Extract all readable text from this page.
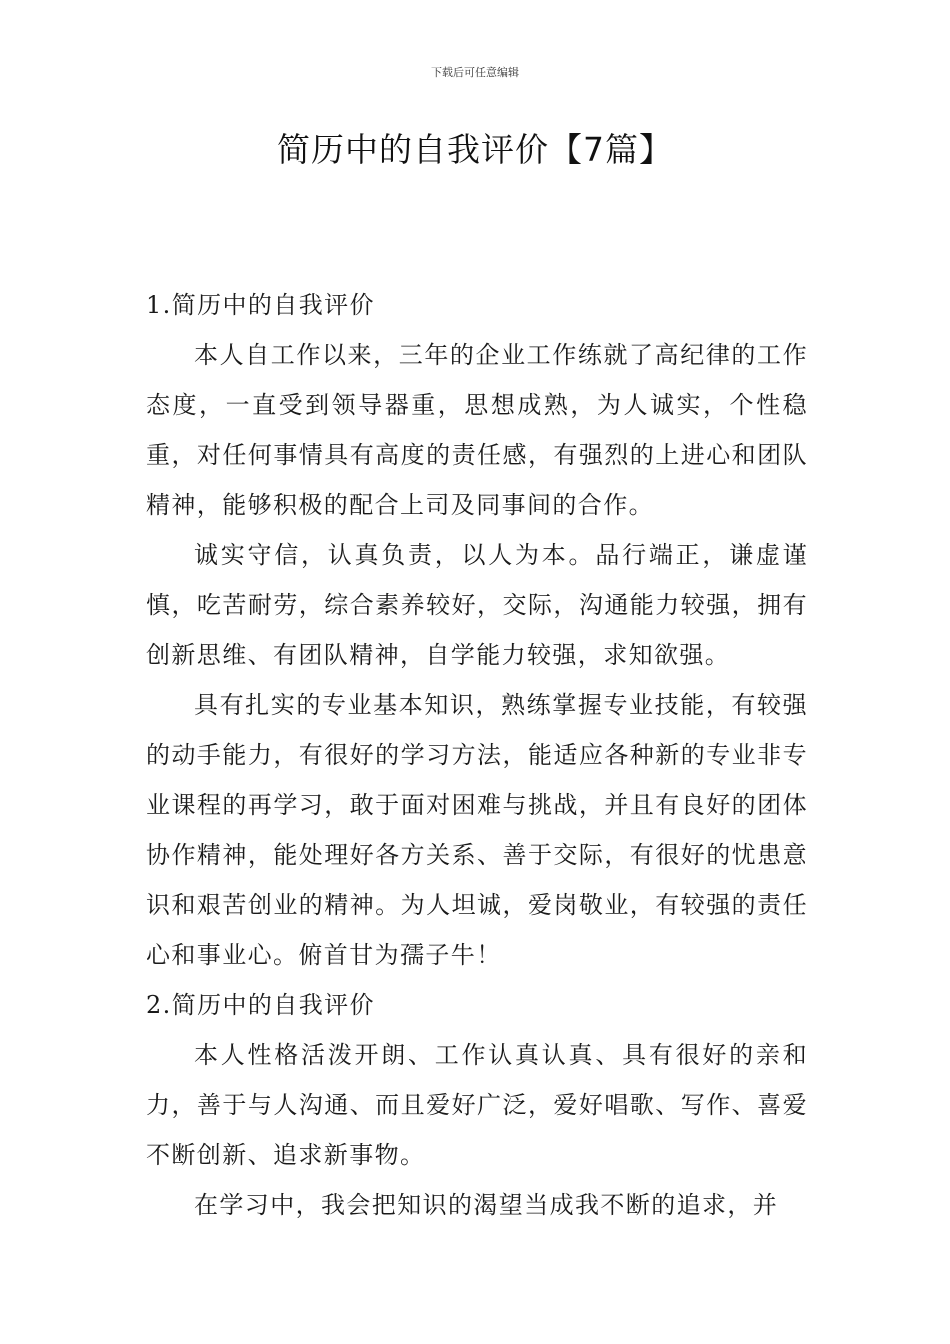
下载后可任意编辑
简历中的自我评价【7篇】
1.简历中的自我评价

本人自工作以来，三年的企业工作练就了高纪律的工作态度，一直受到领导器重，思想成熟，为人诚实，个性稳重，对任何事情具有高度的责任感，有强烈的上进心和团队精神，能够积极的配合上司及同事间的合作。

诚实守信，认真负责，以人为本。品行端正，谦虚谨慎，吃苦耐劳，综合素养较好，交际，沟通能力较强，拥有创新思维、有团队精神，自学能力较强，求知欲强。

具有扎实的专业基本知识，熟练掌握专业技能，有较强的动手能力，有很好的学习方法，能适应各种新的专业非专业课程的再学习，敢于面对困难与挑战，并且有良好的团体协作精神，能处理好各方关系、善于交际，有很好的忧患意识和艰苦创业的精神。为人坦诚，爱岗敬业，有较强的责任心和事业心。俯首甘为孺子牛！

2.简历中的自我评价

本人性格活泼开朗、工作认真认真、具有很好的亲和力，善于与人沟通、而且爱好广泛，爱好唱歌、写作、喜爱不断创新、追求新事物。

在学习中，我会把知识的渴望当成我不断的追求，并
